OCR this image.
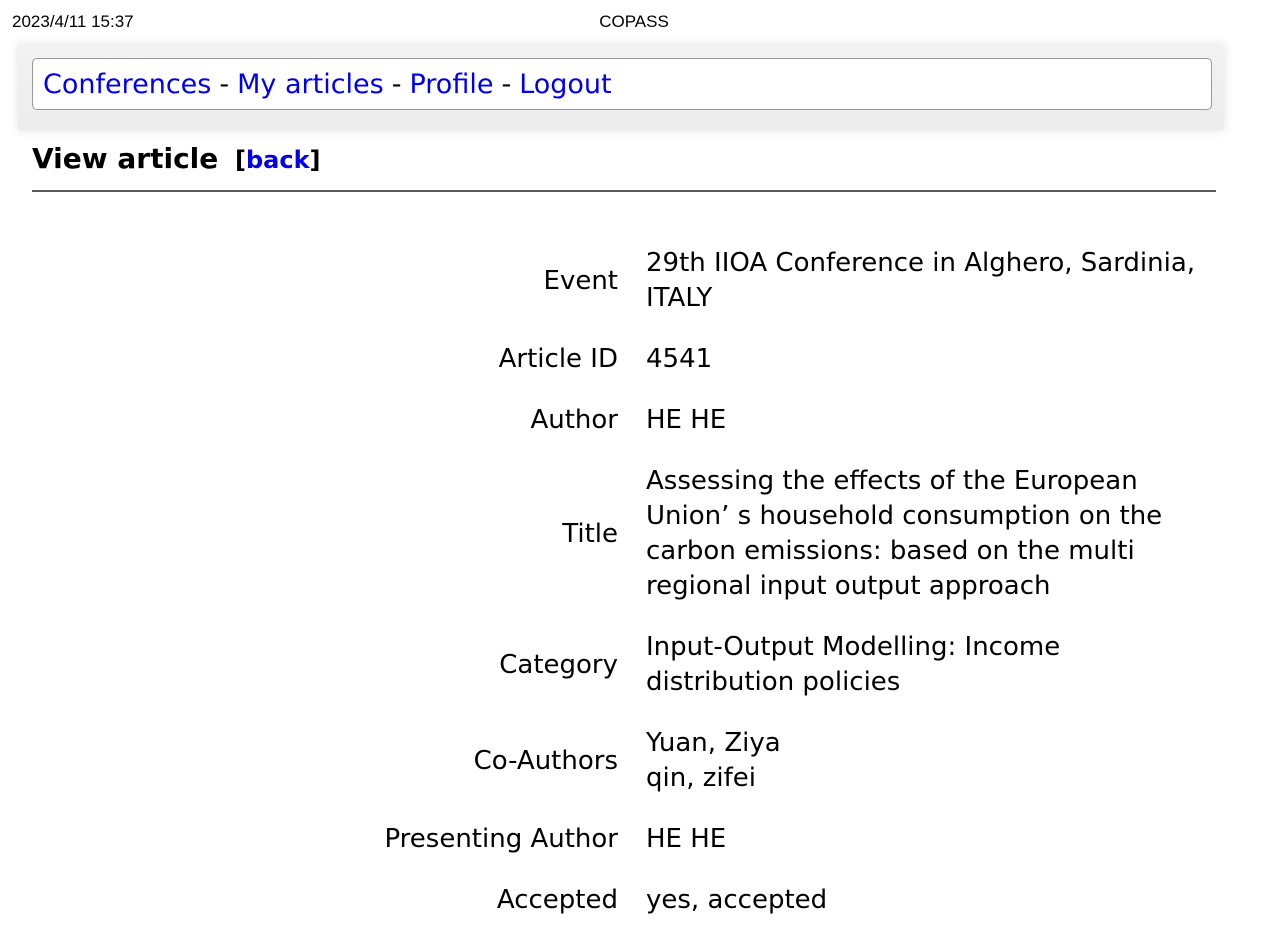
2023/4/11 15:37	COPASS
Conferences - My articles - Profile - Logout
View article [back]
Event
29th IIOA Conference in Alghero, Sardinia,
ITALY
Article ID 4541
Author HE HE
Title
Assessing the effects of the European
Union’ s household consumption on the
carbon emissions: based on the multi
regional input output approach
Category
Input-Output Modelling: Income
distribution policies
Co-Authors
Yuan, Ziya
qin, zifei
Presenting Author HE HE
Accepted yes, accepted
